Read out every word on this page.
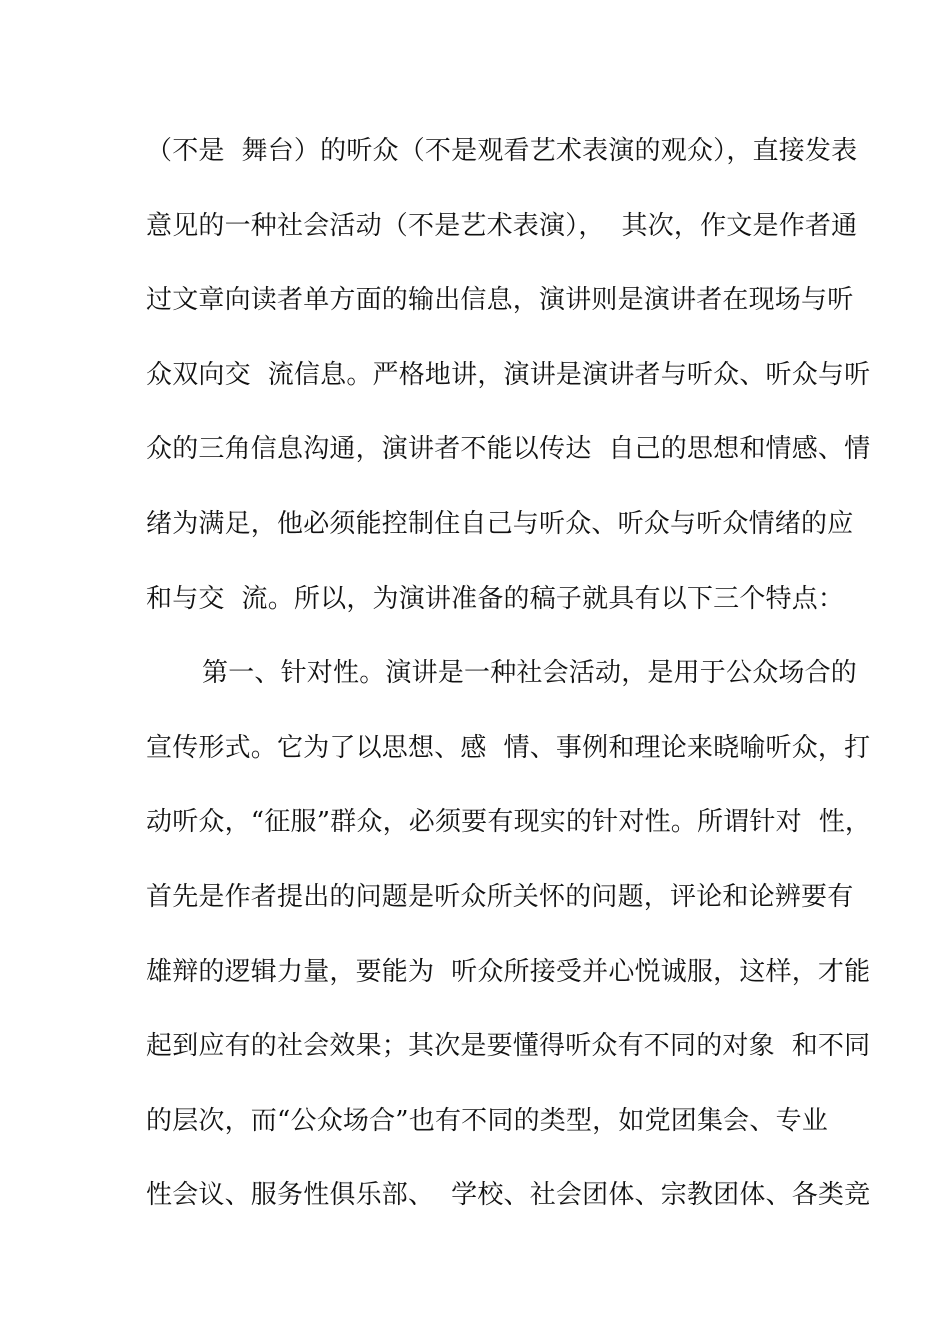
（不是  舞台）的听众（不是观看艺术表演的观众），直接发表
意见的一种社会活动（不是艺术表演），  其次，作文是作者通
过文章向读者单方面的输出信息，演讲则是演讲者在现场与听
众双向交  流信息。严格地讲，演讲是演讲者与听众、听众与听
众的三角信息沟通，演讲者不能以传达  自己的思想和情感、情
绪为满足，他必须能控制住自己与听众、听众与听众情绪的应
和与交  流。所以，为演讲准备的稿子就具有以下三个特点：
第一、针对性。演讲是一种社会活动，是用于公众场合的
宣传形式。它为了以思想、感  情、事例和理论来晓喻听众，打
动听众，“征服”群众，必须要有现实的针对性。所谓针对  性，
首先是作者提出的问题是听众所关怀的问题，评论和论辨要有
雄辩的逻辑力量，要能为  听众所接受并心悦诚服，这样，才能
起到应有的社会效果；其次是要懂得听众有不同的对象  和不同
的层次，而“公众场合”也有不同的类型，如党团集会、专业
性会议、服务性俱乐部、  学校、社会团体、宗教团体、各类竞
